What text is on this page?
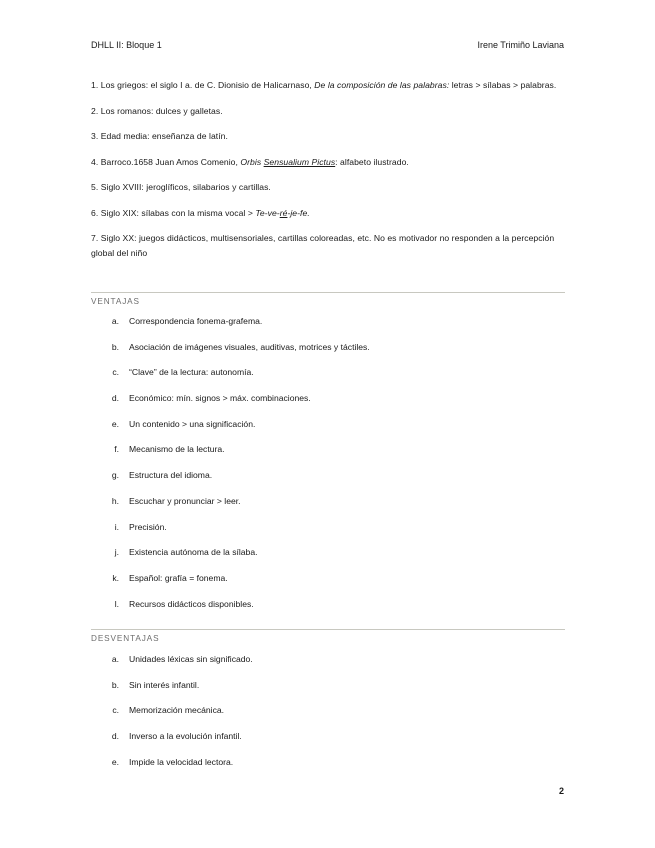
DHLL II: Bloque 1	Irene Trimiño Laviana

1. Los griegos: el siglo I a. de C. Dionisio de Halicarnaso, De la composición de las palabras: letras > sílabas > palabras.

2. Los romanos: dulces y galletas.

3. Edad media: enseñanza de latín.

4. Barroco.1658 Juan Amos Comenio, Orbis Sensualium Pictus: alfabeto ilustrado.

5. Siglo XVIII: jeroglíficos, silabarios y cartillas.

6. Siglo XIX: sílabas con la misma vocal > Te-ve-ré-je-fe.

7. Siglo XX: juegos didácticos, multisensoriales, cartillas coloreadas, etc. No es motivador no responden a la percepción global del niño

VENTAJAS
a. Correspondencia fonema-grafema.
b. Asociación de imágenes visuales, auditivas, motrices y táctiles.
c. “Clave” de la lectura: autonomía.
d. Económico: mín. signos > máx. combinaciones.
e. Un contenido > una significación.
f. Mecanismo de la lectura.
g. Estructura del idioma.
h. Escuchar y pronunciar > leer.
i. Precisión.
j. Existencia autónoma de la sílaba.
k. Español: grafía = fonema.
l. Recursos didácticos disponibles.
DESVENTAJAS
a. Unidades léxicas sin significado.
b. Sin interés infantil.
c. Memorización mecánica.
d. Inverso a la evolución infantil.
e. Impide la velocidad lectora.
2
